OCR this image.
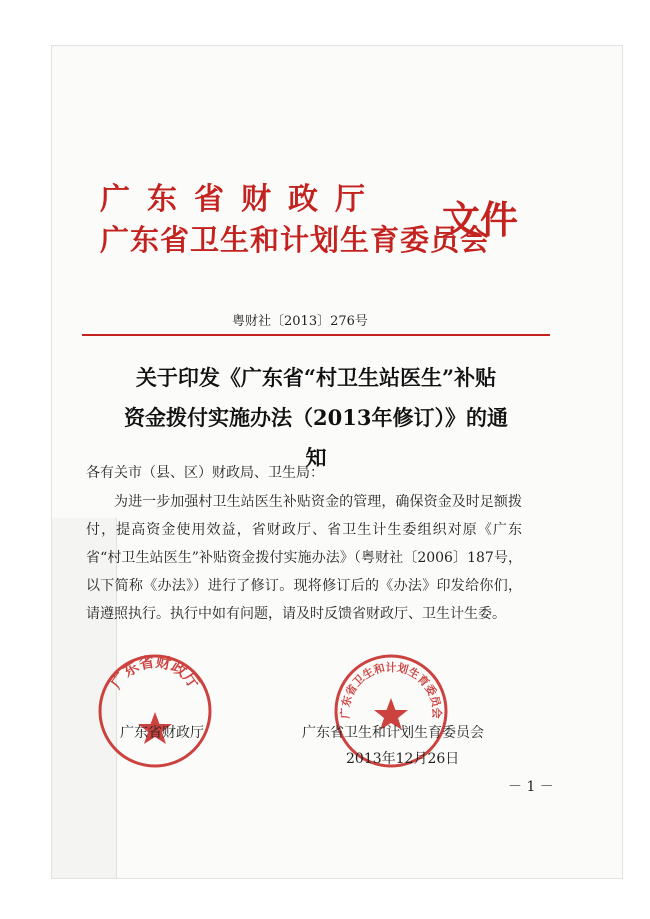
广东省财政厅
广东省卫生和计划生育委员会
文件
粤财社〔2013〕276号
关于印发《广东省“村卫生站医生”补贴
资金拨付实施办法（2013年修订）》的通知
各有关市（县、区）财政局、卫生局：
为进一步加强村卫生站医生补贴资金的管理，确保资金及时足额拨付，提高资金使用效益，省财政厅、省卫生计生委组织对原《广东省“村卫生站医生”补贴资金拨付实施办法》（粤财社〔2006〕187号，以下简称《办法》）进行了修订。现将修订后的《办法》印发给你们，请遵照执行。执行中如有问题，请及时反馈省财政厅、卫生计生委。
广东省财政厅
广东省卫生和计划生育委员会
广东省财政厅	广东省卫生和计划生育委员会
2013年12月26日
－ 1 －
